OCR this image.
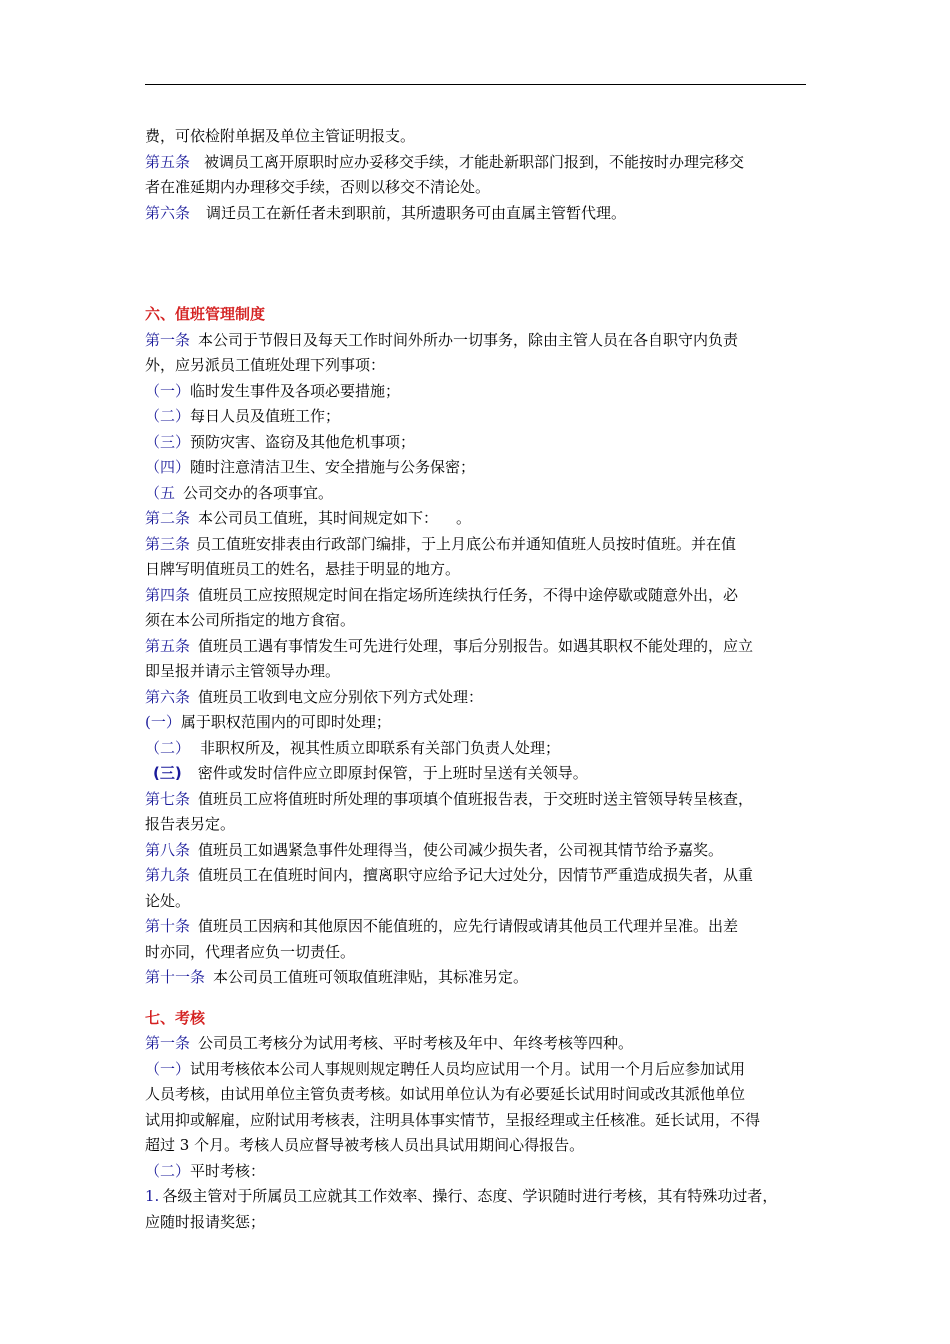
费，可依检附单据及单位主管证明报支。
第五条 被调员工离开原职时应办妥移交手续，才能赴新职部门报到，不能按时办理完移交
者在准延期内办理移交手续，否则以移交不清论处。
第六条 调迁员工在新任者未到职前，其所遗职务可由直属主管暂代理。
六、值班管理制度
第一条 本公司于节假日及每天工作时间外所办一切事务，除由主管人员在各自职守内负责
外，应另派员工值班处理下列事项：
（一）临时发生事件及各项必要措施；
（二）每日人员及值班工作；
（三）预防灾害、盗窃及其他危机事项；
（四）随时注意清洁卫生、安全措施与公务保密；
（五 公司交办的各项事宜。
第二条 本公司员工值班，其时间规定如下： 。
第三条 员工值班安排表由行政部门编排，于上月底公布并通知值班人员按时值班。并在值
日牌写明值班员工的姓名，悬挂于明显的地方。
第四条 值班员工应按照规定时间在指定场所连续执行任务，不得中途停歇或随意外出，必
须在本公司所指定的地方食宿。
第五条 值班员工遇有事情发生可先进行处理，事后分别报告。如遇其职权不能处理的，应立
即呈报并请示主管领导办理。
第六条 值班员工收到电文应分别依下列方式处理：
(一）属于职权范围内的可即时处理；
（二） 非职权所及，视其性质立即联系有关部门负责人处理；
(三) 密件或发时信件应立即原封保管，于上班时呈送有关领导。
第七条 值班员工应将值班时所处理的事项填个值班报告表，于交班时送主管领导转呈核查，
报告表另定。
第八条 值班员工如遇紧急事件处理得当，使公司减少损失者，公司视其情节给予嘉奖。
第九条 值班员工在值班时间内，擅离职守应给予记大过处分，因情节严重造成损失者，从重
论处。
第十条 值班员工因病和其他原因不能值班的，应先行请假或请其他员工代理并呈准。出差
时亦同，代理者应负一切责任。
第十一条 本公司员工值班可领取值班津贴，其标准另定。
七、考核
第一条 公司员工考核分为试用考核、平时考核及年中、年终考核等四种。
（一）试用考核依本公司人事规则规定聘任人员均应试用一个月。试用一个月后应参加试用
人员考核，由试用单位主管负责考核。如试用单位认为有必要延长试用时间或改其派他单位
试用抑或解雇，应附试用考核表，注明具体事实情节，呈报经理或主任核准。延长试用，不得
超过 3 个月。考核人员应督导被考核人员出具试用期间心得报告。
（二）平时考核：
1. 各级主管对于所属员工应就其工作效率、操行、态度、学识随时进行考核，其有特殊功过者，
应随时报请奖惩；
